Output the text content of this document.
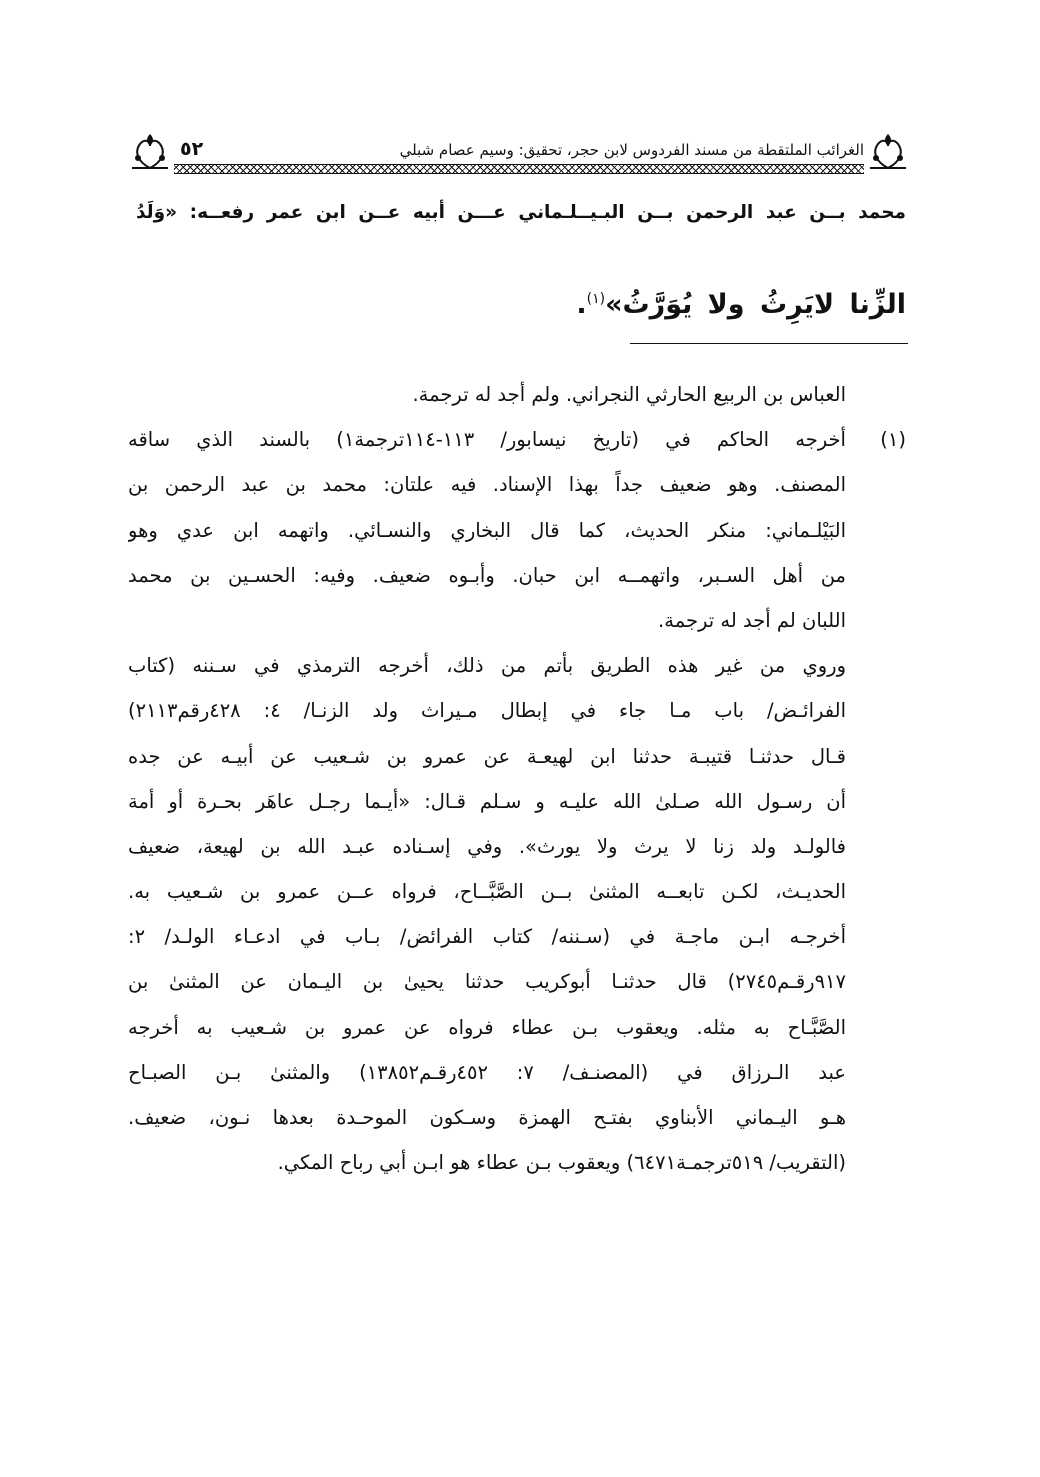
٥٢	الغرائب الملتقطة من مسند الفردوس لابن حجر، تحقيق: وسيم عصام شبلي
محمد بــن عبد الرحمن بــن البـيــلـماني عـــن أبيه عــن ابن عمر رفعــه: «وَلَدُ
الزِّنا لايَرِثُ ولا يُوَرَّثُ»$^{(١)}$.
العباس بن الربيع الحارثي النجراني. ولم أجد له ترجمة.
(١)
أخرجه الحاكم في (تاريخ نيسابور/ ١١٣-١١٤ترجمة١) بالسند الذي ساقه
المصنف. وهو ضعيف جداً بهذا الإسناد. فيه علتان: محمد بن عبد الرحمن بن
البَيْلـماني: منكر الحديث، كما قال البخاري والنسـائي. واتهمه ابن عدي وهو
من أهل السـبر، واتهمــه ابن حبان. وأبـوه ضعيف. وفيه: الحسـين بن محمد
اللبان لم أجد له ترجمة.
وروي من غير هذه الطريق بأتم من ذلك، أخرجه الترمذي في سـننه (كتاب
الفرائـض/ باب مـا جاء في إبطال مـيراث ولد الزنـا/ ٤: ٤٢٨رقم٢١١٣)
قـال حدثنـا قتيبـة حدثنا ابن لهيعـة عن عمرو بن شـعيب عن أبيـه عن جده
أن رسـول الله صـلىٰ الله عليـه و سـلم قـال: «أيـما رجـل عاهَر بحـرة أو أمة
فالولـد ولد زنا لا يرث ولا يورث». وفي إسـناده عبـد الله بن لهيعة، ضعيف
الحديـث، لكـن تابعــه المثنىٰ بــن الصَّبَّــاح، فرواه عــن عمرو بن شـعيب به.
أخرجـه ابـن ماجـة في (سـننه/ كتاب الفرائض/ بـاب في ادعـاء الولـد/ ٢:
٩١٧رقـم٢٧٤٥) قال حدثنـا أبوكريب حدثنا يحيىٰ بن اليـمان عن المثنىٰ بن
الصَّبَّـاح به مثله. ويعقوب بـن عطاء فرواه عن عمرو بن شـعيب به أخرجه
عبد الـرزاق في (المصنـف/ ٧: ٤٥٢رقـم١٣٨٥٢) والمثنىٰ بـن الصبـاح
هـو اليـماني الأبناوي بفتـح الهمزة وسـكون الموحـدة بعدها نـون، ضعيف.
(التقريب/ ٥١٩ترجمـة٦٤٧١) ويعقوب بـن عطاء هو ابـن أبي رباح المكي.
